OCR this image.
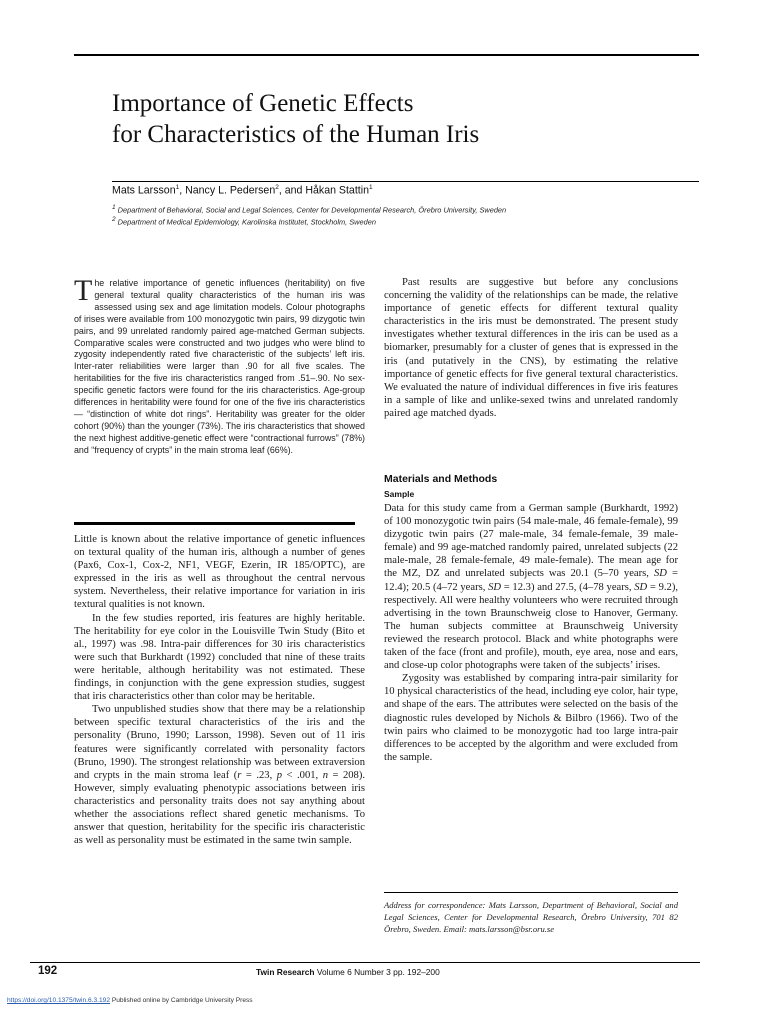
Importance of Genetic Effects
for Characteristics of the Human Iris
Mats Larsson$^1$, Nancy L. Pedersen$^2$, and Håkan Stattin$^1$
$^1$ Department of Behavioral, Social and Legal Sciences, Center for Developmental Research, Örebro University, Sweden
$^2$ Department of Medical Epidemiology, Karolinska Institutet, Stockholm, Sweden
The relative importance of genetic influences (heritability) on five general textural quality characteristics of the human iris was assessed using sex and age limitation models. Colour photographs of irises were available from 100 monozygotic twin pairs, 99 dizygotic twin pairs, and 99 unrelated randomly paired age-matched German subjects. Comparative scales were constructed and two judges who were blind to zygosity independently rated five characteristic of the subjects’ left iris. Inter-rater reliabilities were larger than .90 for all five scales. The heritabilities for the five iris characteristics ranged from .51–.90. No sex-specific genetic factors were found for the iris characteristics. Age-group differences in heritability were found for one of the five iris characteristics — “distinction of white dot rings”. Heritability was greater for the older cohort (90%) than the younger (73%). The iris characteristics that showed the next highest additive-genetic effect were “contractional furrows” (78%) and “frequency of crypts” in the main stroma leaf (66%).

Little is known about the relative importance of genetic influences on textural quality of the human iris, although a number of genes (Pax6, Cox-1, Cox-2, NF1, VEGF, Ezerin, IR 185/OPTC), are expressed in the iris as well as throughout the central nervous system. Nevertheless, their relative importance for variation in iris textural qualities is not known.

In the few studies reported, iris features are highly heritable. The heritability for eye color in the Louisville Twin Study (Bito et al., 1997) was .98. Intra-pair differences for 30 iris characteristics were such that Burkhardt (1992) concluded that nine of these traits were heritable, although heritability was not estimated. These findings, in conjunction with the gene expression studies, suggest that iris characteristics other than color may be heritable.

Two unpublished studies show that there may be a relationship between specific textural characteristics of the iris and the personality (Bruno, 1990; Larsson, 1998). Seven out of 11 iris features were significantly correlated with personality factors (Bruno, 1990). The strongest relationship was between extraversion and crypts in the main stroma leaf (r = .23, p < .001, n = 208). However, simply evaluating phenotypic associations between iris characteristics and personality traits does not say anything about whether the associations reflect shared genetic mechanisms. To answer that question, heritability for the specific iris characteristic as well as personality must be estimated in the same twin sample.

Past results are suggestive but before any conclusions concerning the validity of the relationships can be made, the relative importance of genetic effects for different textural quality characteristics in the iris must be demonstrated. The present study investigates whether textural differences in the iris can be used as a biomarker, presumably for a cluster of genes that is expressed in the iris (and putatively in the CNS), by estimating the relative importance of genetic effects for five general textural characteristics. We evaluated the nature of individual differences in five iris features in a sample of like and unlike-sexed twins and unrelated randomly paired age matched dyads.

Materials and Methods
Sample

Data for this study came from a German sample (Burkhardt, 1992) of 100 monozygotic twin pairs (54 male-male, 46 female-female), 99 dizygotic twin pairs (27 male-male, 34 female-female, 39 male-female) and 99 age-matched randomly paired, unrelated subjects (22 male-male, 28 female-female, 49 male-female). The mean age for the MZ, DZ and unrelated subjects was 20.1 (5–70 years, SD = 12.4); 20.5 (4–72 years, SD = 12.3) and 27.5, (4–78 years, SD = 9.2), respectively. All were healthy volunteers who were recruited through advertising in the town Braunschweig close to Hanover, Germany. The human subjects committee at Braunschweig University reviewed the research protocol. Black and white photographs were taken of the face (front and profile), mouth, eye area, nose and ears, and close-up color photographs were taken of the subjects’ irises.

Zygosity was established by comparing intra-pair similarity for 10 physical characteristics of the head, including eye color, hair type, and shape of the ears. The attributes were selected on the basis of the diagnostic rules developed by Nichols & Bilbro (1966). Two of the twin pairs who claimed to be monozygotic had too large intra-pair differences to be accepted by the algorithm and were excluded from the sample.

Address for correspondence: Mats Larsson, Department of Behavioral, Social and Legal Sciences, Center for Developmental Research, Örebro University, 701 82 Örebro, Sweden. Email: mats.larsson@bsr.oru.se
192	Twin Research Volume 6 Number 3 pp. 192–200
https://doi.org/10.1375/twin.6.3.192 Published online by Cambridge University Press
